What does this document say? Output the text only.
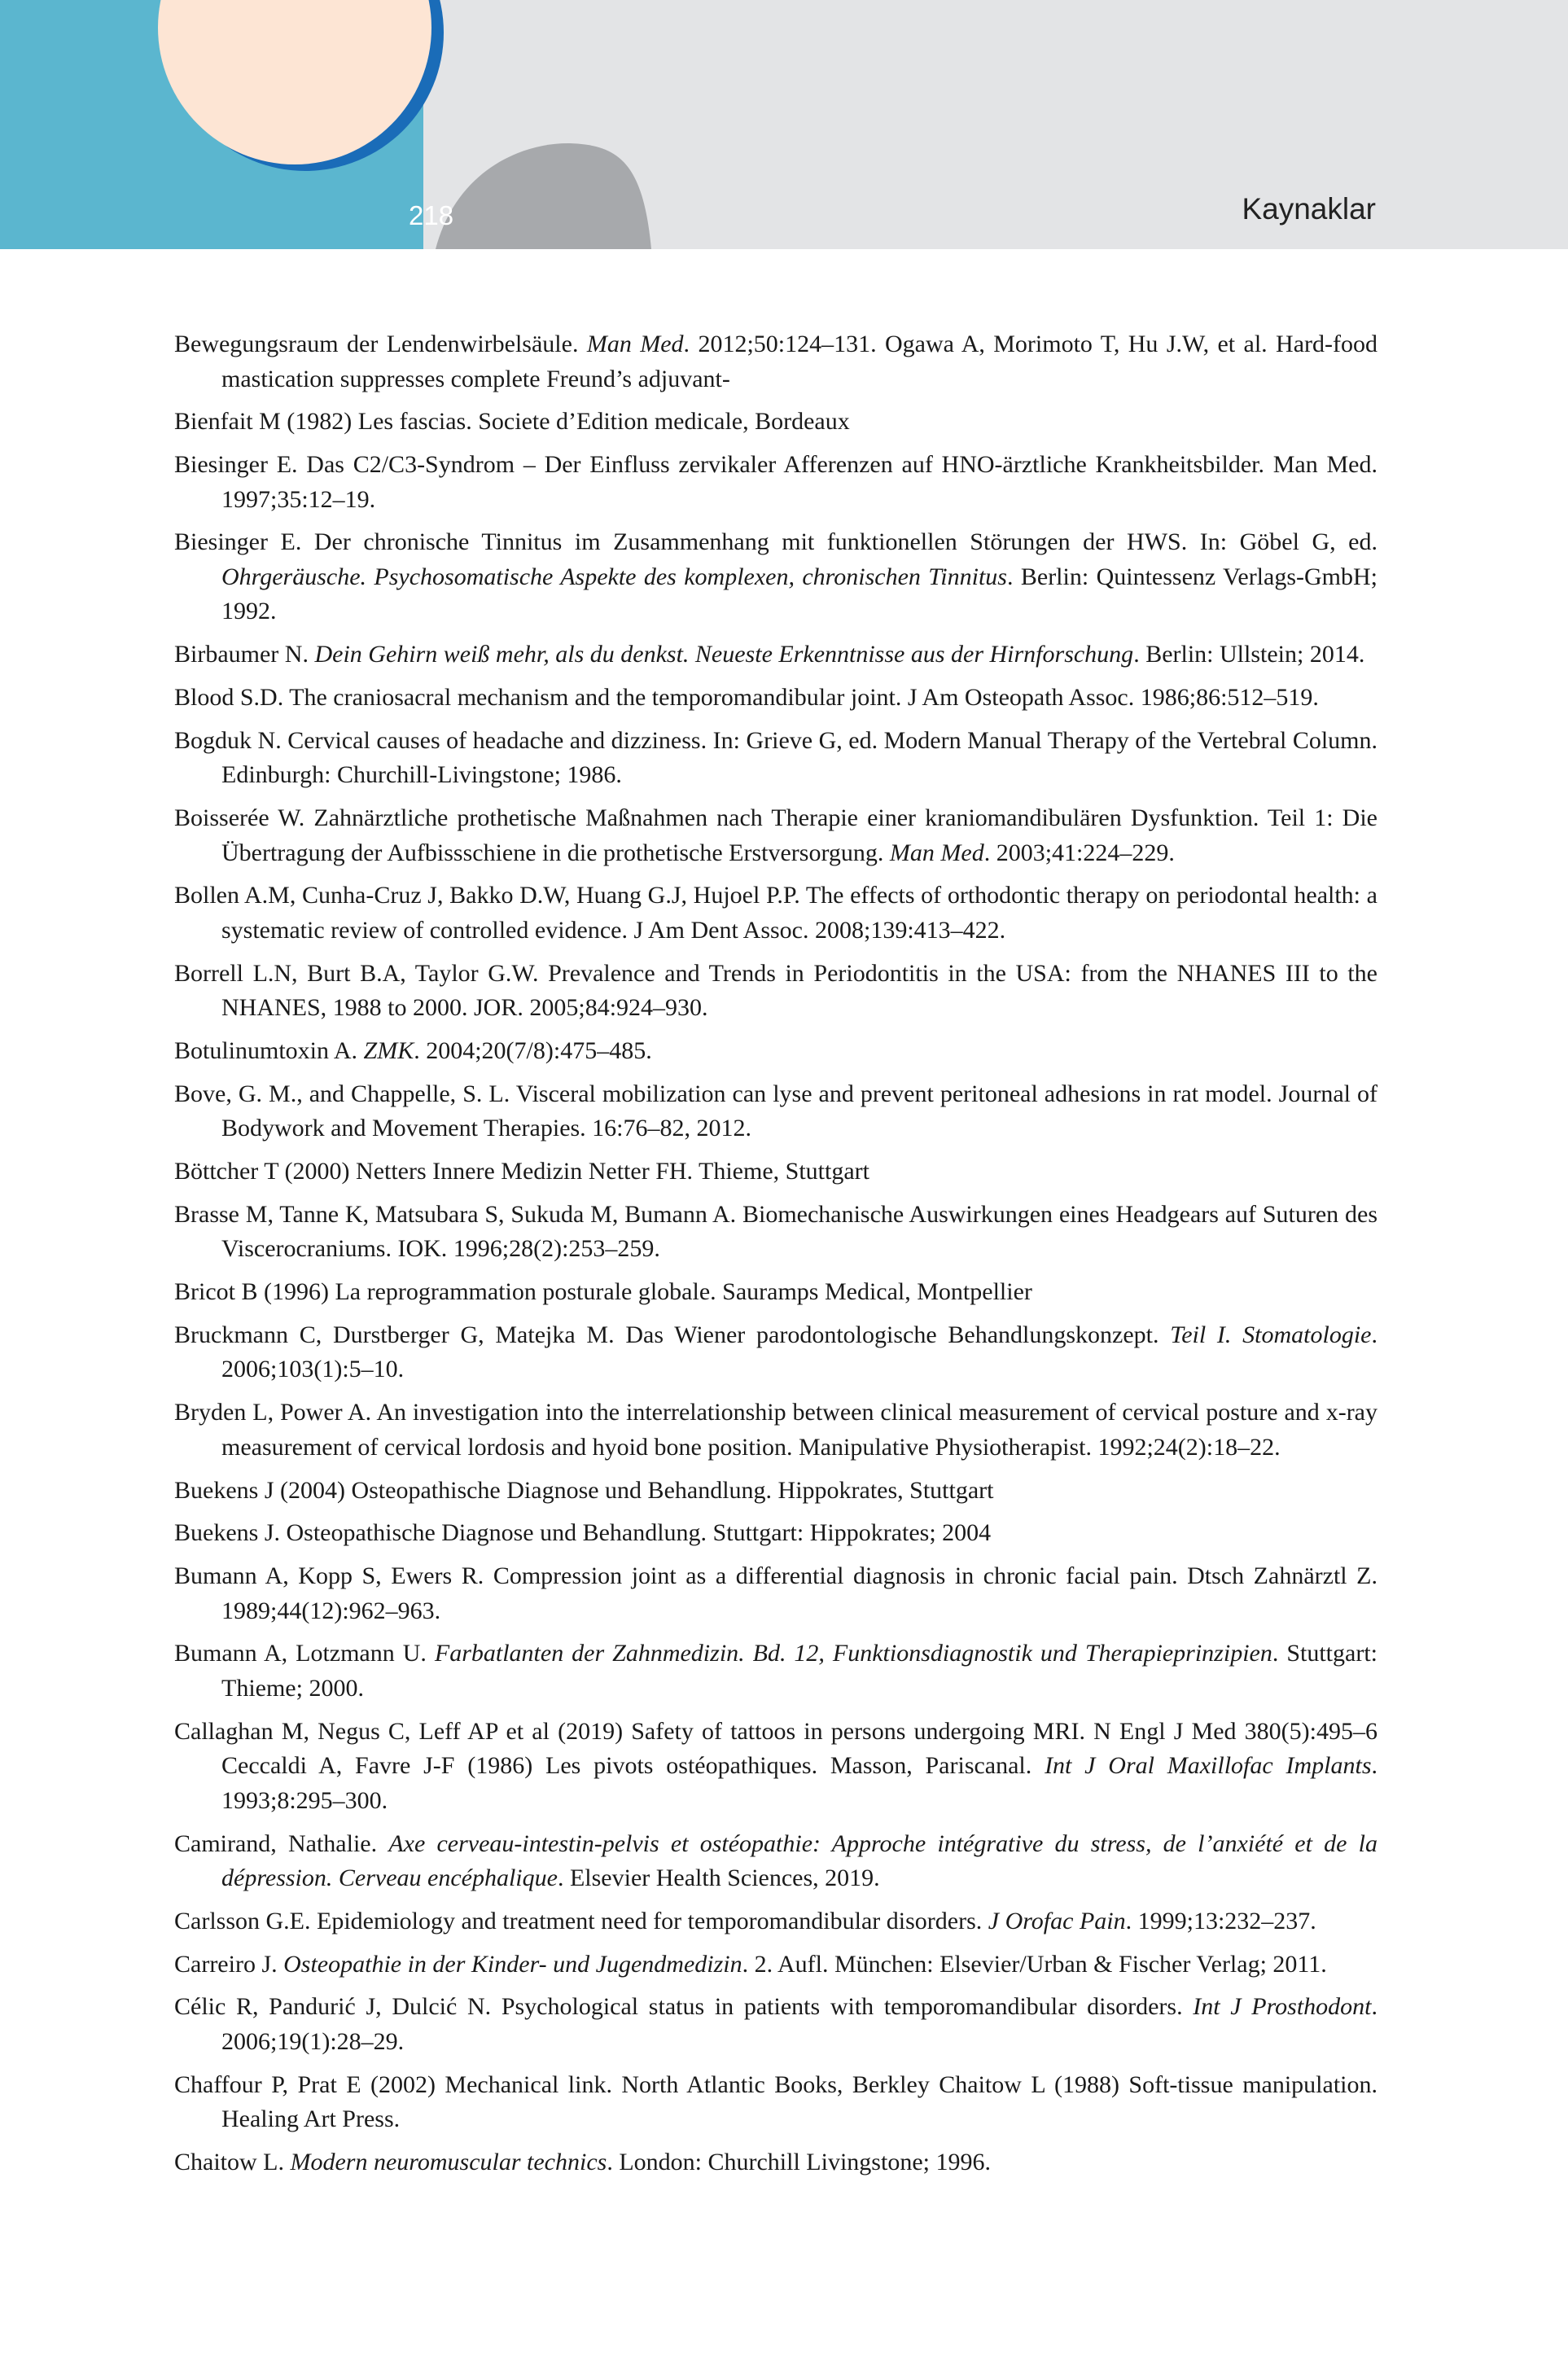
218	Kaynaklar
Bewegungsraum der Lendenwirbelsäule. Man Med. 2012;50:124–131. Ogawa A, Morimoto T, Hu J.W, et al. Hard-food mastication suppresses complete Freund’s adjuvant-
Bienfait M (1982) Les fascias. Societe d’Edition medicale, Bordeaux
Biesinger E. Das C2/C3-Syndrom – Der Einfluss zervikaler Afferenzen auf HNO-ärztliche Krankheitsbilder. Man Med. 1997;35:12–19.
Biesinger E. Der chronische Tinnitus im Zusammenhang mit funktionellen Störungen der HWS. In: Göbel G, ed. Ohrgeräusche. Psychosomatische Aspekte des komplexen, chronischen Tinnitus. Berlin: Quintessenz Verlags-GmbH; 1992.
Birbaumer N. Dein Gehirn weiß mehr, als du denkst. Neueste Erkenntnisse aus der Hirnforschung. Berlin: Ullstein; 2014.
Blood S.D. The craniosacral mechanism and the temporomandibular joint. J Am Osteopath Assoc. 1986;86:512–519.
Bogduk N. Cervical causes of headache and dizziness. In: Grieve G, ed. Modern Manual Therapy of the Vertebral Column. Edinburgh: Churchill-Livingstone; 1986.
Boisserée W. Zahnärztliche prothetische Maßnahmen nach Therapie einer kraniomandibulären Dysfunktion. Teil 1: Die Übertragung der Aufbissschiene in die prothetische Erstversorgung. Man Med. 2003;41:224–229.
Bollen A.M, Cunha-Cruz J, Bakko D.W, Huang G.J, Hujoel P.P. The effects of orthodontic therapy on periodontal health: a systematic review of controlled evidence. J Am Dent Assoc. 2008;139:413–422.
Borrell L.N, Burt B.A, Taylor G.W. Prevalence and Trends in Periodontitis in the USA: from the NHANES III to the NHANES, 1988 to 2000. JOR. 2005;84:924–930.
Botulinumtoxin A. ZMK. 2004;20(7/8):475–485.
Bove, G. M., and Chappelle, S. L. Visceral mobilization can lyse and prevent peritoneal adhesions in rat model. Journal of Bodywork and Movement Therapies. 16:76–82, 2012.
Böttcher T (2000) Netters Innere Medizin Netter FH. Thieme, Stuttgart
Brasse M, Tanne K, Matsubara S, Sukuda M, Bumann A. Biomechanische Auswirkungen eines Headgears auf Suturen des Viscerocraniums. IOK. 1996;28(2):253–259.
Bricot B (1996) La reprogrammation posturale globale. Sauramps Medical, Montpellier
Bruckmann C, Durstberger G, Matejka M. Das Wiener parodontologische Behandlungskonzept. Teil I. Stomatologie. 2006;103(1):5–10.
Bryden L, Power A. An investigation into the interrelationship between clinical measurement of cervical posture and x-ray measurement of cervical lordosis and hyoid bone position. Manipulative Physiotherapist. 1992;24(2):18–22.
Buekens J (2004) Osteopathische Diagnose und Behandlung. Hippokrates, Stuttgart
Buekens J. Osteopathische Diagnose und Behandlung. Stuttgart: Hippokrates; 2004
Bumann A, Kopp S, Ewers R. Compression joint as a differential diagnosis in chronic facial pain. Dtsch Zahnärztl Z. 1989;44(12):962–963.
Bumann A, Lotzmann U. Farbatlanten der Zahnmedizin. Bd. 12, Funktionsdiagnostik und Therapieprinzipien. Stuttgart: Thieme; 2000.
Callaghan M, Negus C, Leff AP et al (2019) Safety of tattoos in persons undergoing MRI. N Engl J Med 380(5):495–6 Ceccaldi A, Favre J-F (1986) Les pivots ostéopathiques. Masson, Pariscanal. Int J Oral Maxillofac Implants. 1993;8:295–300.
Camirand, Nathalie. Axe cerveau-intestin-pelvis et ostéopathie: Approche intégrative du stress, de l’anxiété et de la dépression. Cerveau encéphalique. Elsevier Health Sciences, 2019.
Carlsson G.E. Epidemiology and treatment need for temporomandibular disorders. J Orofac Pain. 1999;13:232–237.
Carreiro J. Osteopathie in der Kinder- und Jugendmedizin. 2. Aufl. München: Elsevier/Urban & Fischer Verlag; 2011.
Célic R, Pandurić J, Dulcić N. Psychological status in patients with temporomandibular disorders. Int J Prosthodont. 2006;19(1):28–29.
Chaffour P, Prat E (2002) Mechanical link. North Atlantic Books, Berkley Chaitow L (1988) Soft-tissue manipulation. Healing Art Press.
Chaitow L. Modern neuromuscular technics. London: Churchill Livingstone; 1996.
